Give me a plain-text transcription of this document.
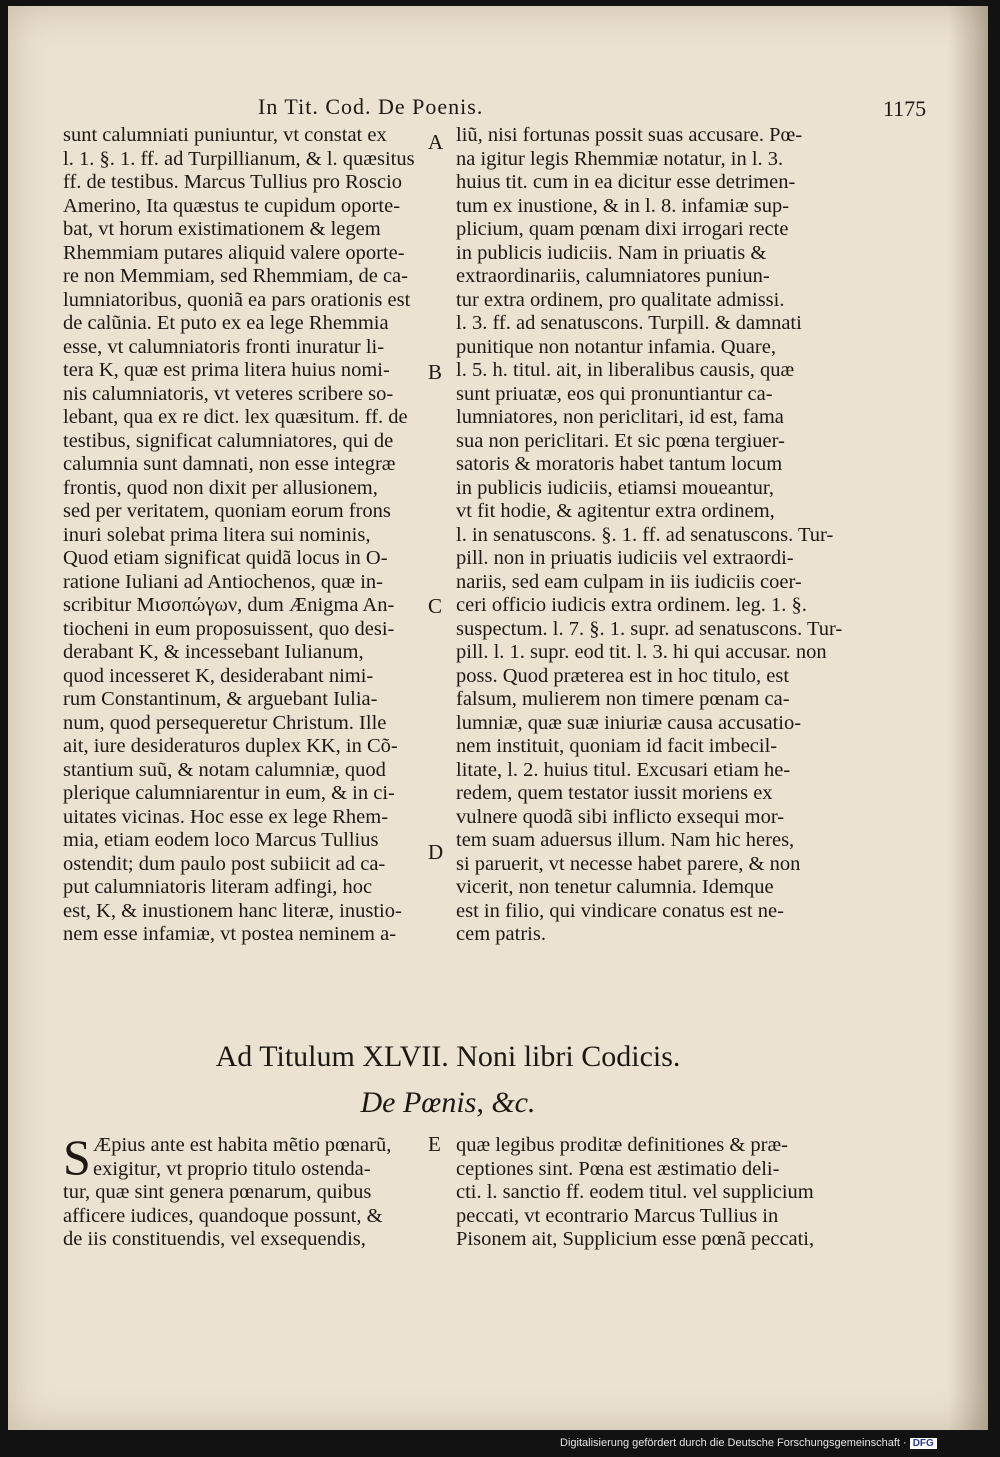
In Tit. Cod. De Poenis.	1175
sunt calumniati puniuntur, vt constat ex
l. 1. §. 1. ff. ad Turpillianum, & l. quæsitus
ff. de testibus. Marcus Tullius pro Roscio
Amerino, Ita quæstus te cupidum oporte-
bat, vt horum existimationem & legem
Rhemmiam putares aliquid valere oporte-
re non Memmiam, sed Rhemmiam, de ca-
lumniatoribus, quoniã ea pars orationis est
de calũnia. Et puto ex ea lege Rhemmia
esse, vt calumniatoris fronti inuratur li-
tera K, quæ est prima litera huius nomi-
nis calumniatoris, vt veteres scribere so-
lebant, qua ex re dict. lex quæsitum. ff. de
testibus, significat calumniatores, qui de
calumnia sunt damnati, non esse integræ
frontis, quod non dixit per allusionem,
sed per veritatem, quoniam eorum frons
inuri solebat prima litera sui nominis,
Quod etiam significat quidã locus in O-
ratione Iuliani ad Antiochenos, quæ in-
scribitur Μισοπώγων, dum Ænigma An-
tiocheni in eum proposuissent, quo desi-
derabant K, & incessebant Iulianum,
quod incesseret K, desiderabant nimi-
rum Constantinum, & arguebant Iulia-
num, quod persequeretur Christum. Ille
ait, iure desideraturos duplex KK, in Cõ-
stantium suũ, & notam calumniæ, quod
plerique calumniarentur in eum, & in ci-
uitates vicinas. Hoc esse ex lege Rhem-
mia, etiam eodem loco Marcus Tullius
ostendit; dum paulo post subiicit ad ca-
put calumniatoris literam adfingi, hoc
est, K, & inustionem hanc literæ, inustio-
nem esse infamiæ, vt postea neminem a-
liũ, nisi fortunas possit suas accusare. Pœ-
na igitur legis Rhemmiæ notatur, in l. 3.
huius tit. cum in ea dicitur esse detrimen-
tum ex inustione, & in l. 8. infamiæ sup-
plicium, quam pœnam dixi irrogari recte
in publicis iudiciis. Nam in priuatis &
extraordinariis, calumniatores puniun-
tur extra ordinem, pro qualitate admissi.
l. 3. ff. ad senatuscons. Turpill. & damnati
punitique non notantur infamia. Quare,
l. 5. h. titul. ait, in liberalibus causis, quæ
sunt priuatæ, eos qui pronuntiantur ca-
lumniatores, non periclitari, id est, fama
sua non periclitari. Et sic pœna tergiuer-
satoris & moratoris habet tantum locum
in publicis iudiciis, etiamsi moueantur,
vt fit hodie, & agitentur extra ordinem,
l. in senatuscons. §. 1. ff. ad senatuscons. Tur-
pill. non in priuatis iudiciis vel extraordi-
nariis, sed eam culpam in iis iudiciis coer-
ceri officio iudicis extra ordinem. leg. 1. §.
suspectum. l. 7. §. 1. supr. ad senatuscons. Tur-
pill. l. 1. supr. eod tit. l. 3. hi qui accusar. non
poss. Quod præterea est in hoc titulo, est
falsum, mulierem non timere pœnam ca-
lumniæ, quæ suæ iniuriæ causa accusatio-
nem instituit, quoniam id facit imbecil-
litate, l. 2. huius titul. Excusari etiam he-
redem, quem testator iussit moriens ex
vulnere quodã sibi inflicto exsequi mor-
tem suam aduersus illum. Nam hic heres,
si paruerit, vt necesse habet parere, & non
vicerit, non tenetur calumnia. Idemque
est in filio, qui vindicare conatus est ne-
cem patris.
A
B
C
D
E
Ad Titulum XLVII. Noni libri Codicis.
De Pœnis, &c.
S Æpius ante est habita mẽtio pœnarũ,
exigitur, vt proprio titulo ostenda-
tur, quæ sint genera pœnarum, quibus
afficere iudices, quandoque possunt, &
de iis constituendis, vel exsequendis,
quæ legibus proditæ definitiones & præ-
ceptiones sint. Pœna est æstimatio deli-
cti. l. sanctio ff. eodem titul. vel supplicium
peccati, vt econtrario Marcus Tullius in
Pisonem ait, Supplicium esse pœnã peccati,
Digitalisierung gefördert durch die Deutsche Forschungsgemeinschaft · DFG
